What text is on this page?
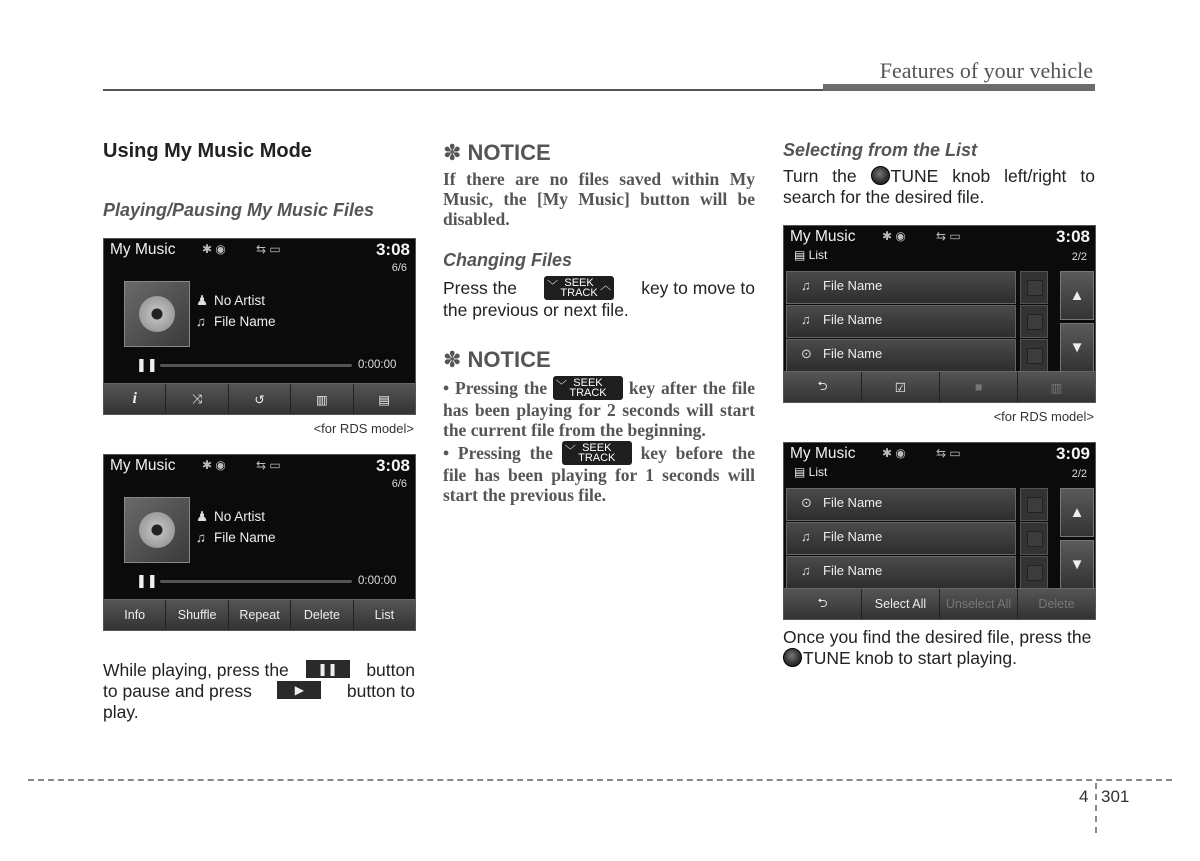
Features of your vehicle
Using My Music Mode
Playing/Pausing My Music Files
My Music ✱ ◉	⇆ ▭	3:08
6/6
♟ No Artist
♫ File Name
❚❚	0:00:00
i	⤨	↺	▥	▤
<for RDS model>
My Music ✱ ◉	⇆ ▭	3:08
6/6
♟ No Artist
♫ File Name
❚❚	0:00:00
Info	Shuffle	Repeat	Delete	List
While playing, press the	❚❚	button
to pause and press	▶	button to
play.
✽ NOTICE
If there are no files saved within My Music, the [My Music] button will be disabled.
Changing Files
Press the	﹀ SEEK
TRACK
︿ key to move to
the previous or next file.
✽ NOTICE
• Pressing the ﹀ SEEK
TRACK	key after the file has been playing for 2 seconds will start the current file from the beginning.
• Pressing the ﹀ SEEK
TRACK	key before the file has been playing for 1 seconds will start the previous file.
Selecting from the List
Turn the TUNE knob left/right to search for the desired file.
My Music ✱ ◉	⇆ ▭	3:08
▤ List	2/2
♫ File Name
♫ File Name
⊙ File Name
▲
▼
⮌	☑	■	▥
<for RDS model>
My Music ✱ ◉	⇆ ▭	3:09
▤ List	2/2
⊙ File Name
♫ File Name
♫ File Name
▲
▼
⮌	Select All	Unselect All	Delete
Once you find the desired file, press the TUNE knob to start playing.
4 301
